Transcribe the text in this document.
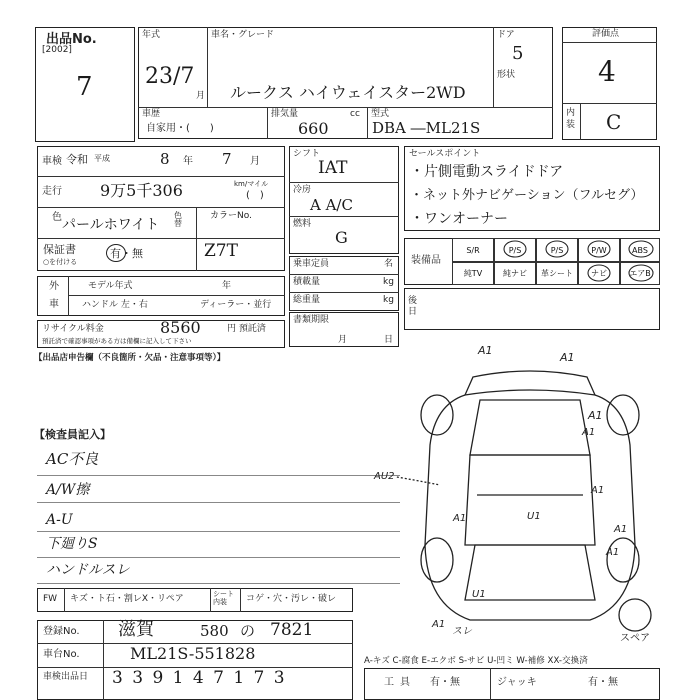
出品No.
[2002]
7
年式
23/7
月
車名・グレード
ルークス ハイウェイスター2WD
ドア
5
形状
車歴
自家用・(　　)
排気量
660
cc 型式
DBA ―ML21S
評価点
4
内装 C
車検 令和 平成	8 年 7 月
走行 9万5千306	km/マイル
(　)
色 パールホワイト
色替
カラーNo.
保証書
○を付ける
有・無	Z7T
シフト
IAT
冷房
A A/C
燃料
G
セールスポイント
・片側電動スライドドア
・ネット外ナビゲーション（フルセグ）
・ワンオーナー
装備品
S/R	P/S	P/S	P/W	ABS
純TV	純ナビ	革シート	ナビ	エアB
乗車定員	名
積載量	kg
総重量	kg
書類期限
月	日
外
車
モデル年式	年
ハンドル 左・右	ディーラー・並行	後日
リサイクル料金	8560	円 預託済
預託済で確認事項がある方は備欄に記入して下さい
【出品店申告欄（不良箇所・欠品・注意事項等）】
【検査員記入】
AC不良
A/W擦
A-U
下廻りS
ハンドルスレ
FW キズ・ト石・割レX・リペア	シート内装	コゲ・穴・汚レ・破レ
登録No. 滋賀	580 の 7821
車台No.	ML21S-551828
車検出品日 3 3 9 1 4 7 1 7 3
A-キズ C-腐食 E-エクボ S-サビ U-凹ミ W-補修 XX-交換済
工具 有・無	ジャッキ	有・無
A1
A1
A1
A1
U1
A1
A1
A1
AU2
A1
U1
A1
スレ
スペア
